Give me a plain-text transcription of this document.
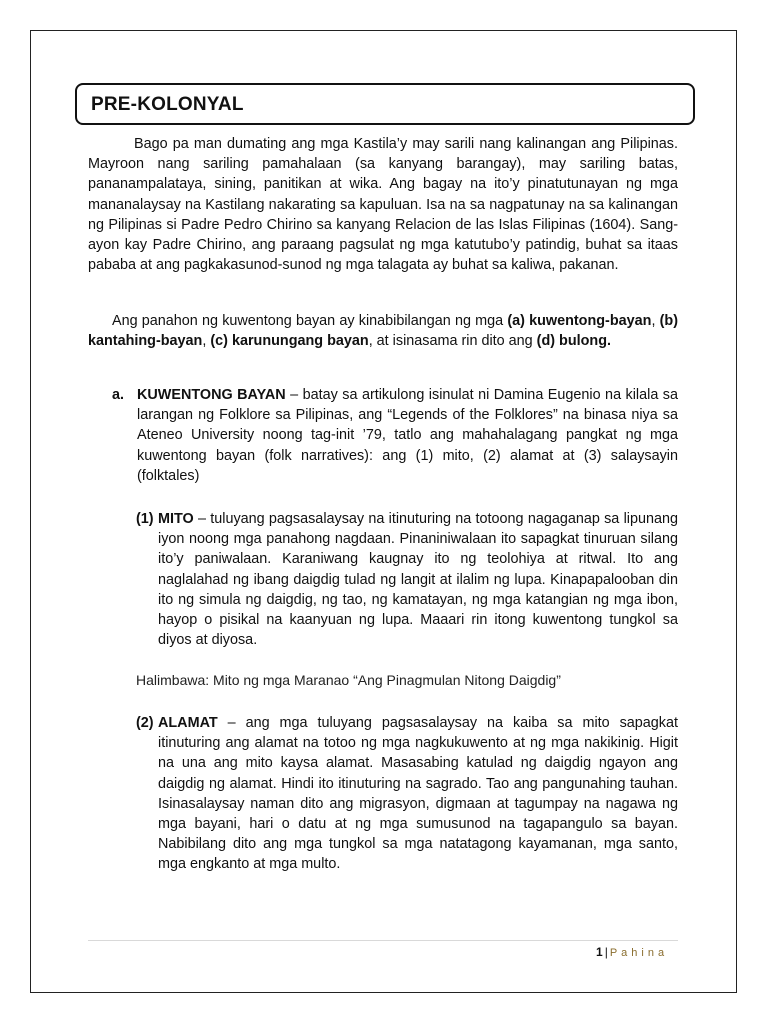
PRE-KOLONYAL

Bago pa man dumating ang mga Kastila’y may sarili nang kalinangan ang Pilipinas. Mayroon nang sariling pamahalaan (sa kanyang barangay), may sariling batas, pananampalataya, sining, panitikan at wika. Ang bagay na ito’y pinatutunayan ng mga mananalaysay na Kastilang nakarating sa kapuluan. Isa na sa nagpatunay na sa kalinangan ng Pilipinas si Padre Pedro Chirino sa kanyang Relacion de las Islas Filipinas (1604). Sang-ayon kay Padre Chirino, ang paraang pagsulat ng mga katutubo’y patindig, buhat sa itaas pababa at ang pagkakasunod-sunod ng mga talagata ay buhat sa kaliwa, pakanan.

Ang panahon ng kuwentong bayan ay kinabibilangan ng mga (a) kuwentong-bayan, (b) kantahing-bayan, (c) karunungang bayan, at isinasama rin dito ang (d) bulong.

a. KUWENTONG BAYAN – batay sa artikulong isinulat ni Damina Eugenio na kilala sa larangan ng Folklore sa Pilipinas, ang “Legends of the Folklores” na binasa niya sa Ateneo University noong tag-init ’79, tatlo ang mahahalagang pangkat ng mga kuwentong bayan (folk narratives): ang (1) mito, (2) alamat at (3) salaysayin (folktales)
(1) MITO – tuluyang pagsasalaysay na itinuturing na totoong nagaganap sa lipunang iyon noong mga panahong nagdaan. Pinaniniwalaan ito sapagkat tinuruan silang ito’y paniwalaan. Karaniwang kaugnay ito ng teolohiya at ritwal. Ito ang naglalahad ng ibang daigdig tulad ng langit at ilalim ng lupa. Kinapapalooban din ito ng simula ng daigdig, ng tao, ng kamatayan, ng mga katangian ng mga ibon, hayop o pisikal na kaanyuan ng lupa. Maaari rin itong kuwentong tungkol sa diyos at diyosa.
Halimbawa: Mito ng mga Maranao “Ang Pinagmulan Nitong Daigdig”
(2) ALAMAT – ang mga tuluyang pagsasalaysay na kaiba sa mito sapagkat itinuturing ang alamat na totoo ng mga nagkukuwento at ng mga nakikinig. Higit na una ang mito kaysa alamat. Masasabing katulad ng daigdig ngayon ang daigdig ng alamat. Hindi ito itinuturing na sagrado. Tao ang pangunahing tauhan. Isinasalaysay naman dito ang migrasyon, digmaan at tagumpay na nagawa ng mga bayani, hari o datu at ng mga sumusunod na tagapangulo sa bayan. Nabibilang dito ang mga tungkol sa mga natatagong kayamanan, mga santo, mga engkanto at mga multo.
1 | Pahina
